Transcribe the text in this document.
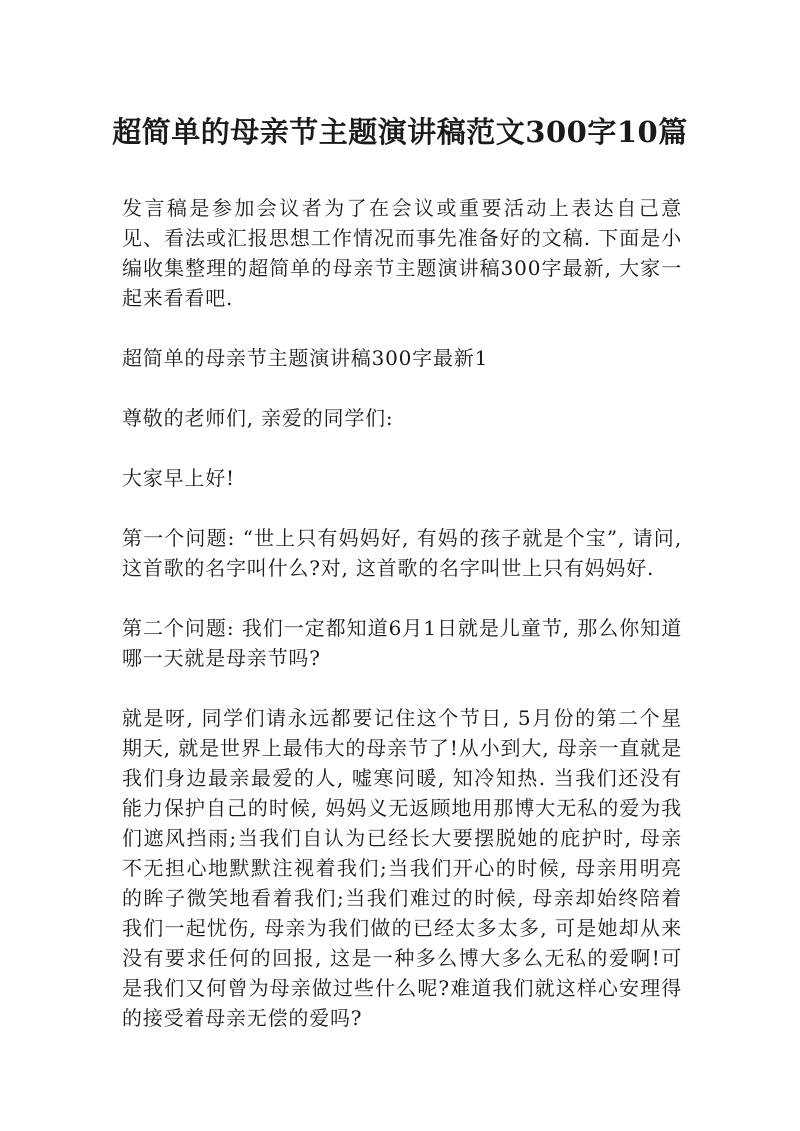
超简单的母亲节主题演讲稿范文300字10篇

发言稿是参加会议者为了在会议或重要活动上表达自己意见、看法或汇报思想工作情况而事先准备好的文稿. 下面是小编收集整理的超简单的母亲节主题演讲稿300字最新, 大家一起来看看吧.

超简单的母亲节主题演讲稿300字最新1

尊敬的老师们, 亲爱的同学们:

大家早上好!

第一个问题: “世上只有妈妈好, 有妈的孩子就是个宝”, 请问, 这首歌的名字叫什么?对, 这首歌的名字叫世上只有妈妈好.

第二个问题: 我们一定都知道6月1日就是儿童节, 那么你知道哪一天就是母亲节吗?

就是呀, 同学们请永远都要记住这个节日, 5月份的第二个星期天, 就是世界上最伟大的母亲节了!从小到大, 母亲一直就是我们身边最亲最爱的人, 嘘寒问暖, 知冷知热. 当我们还没有能力保护自己的时候, 妈妈义无返顾地用那博大无私的爱为我们遮风挡雨;当我们自认为已经长大要摆脱她的庇护时, 母亲不无担心地默默注视着我们;当我们开心的时候, 母亲用明亮的眸子微笑地看着我们;当我们难过的时候, 母亲却始终陪着我们一起忧伤, 母亲为我们做的已经太多太多, 可是她却从来没有要求任何的回报, 这是一种多么博大多么无私的爱啊!可是我们又何曾为母亲做过些什么呢?难道我们就这样心安理得的接受着母亲无偿的爱吗?
